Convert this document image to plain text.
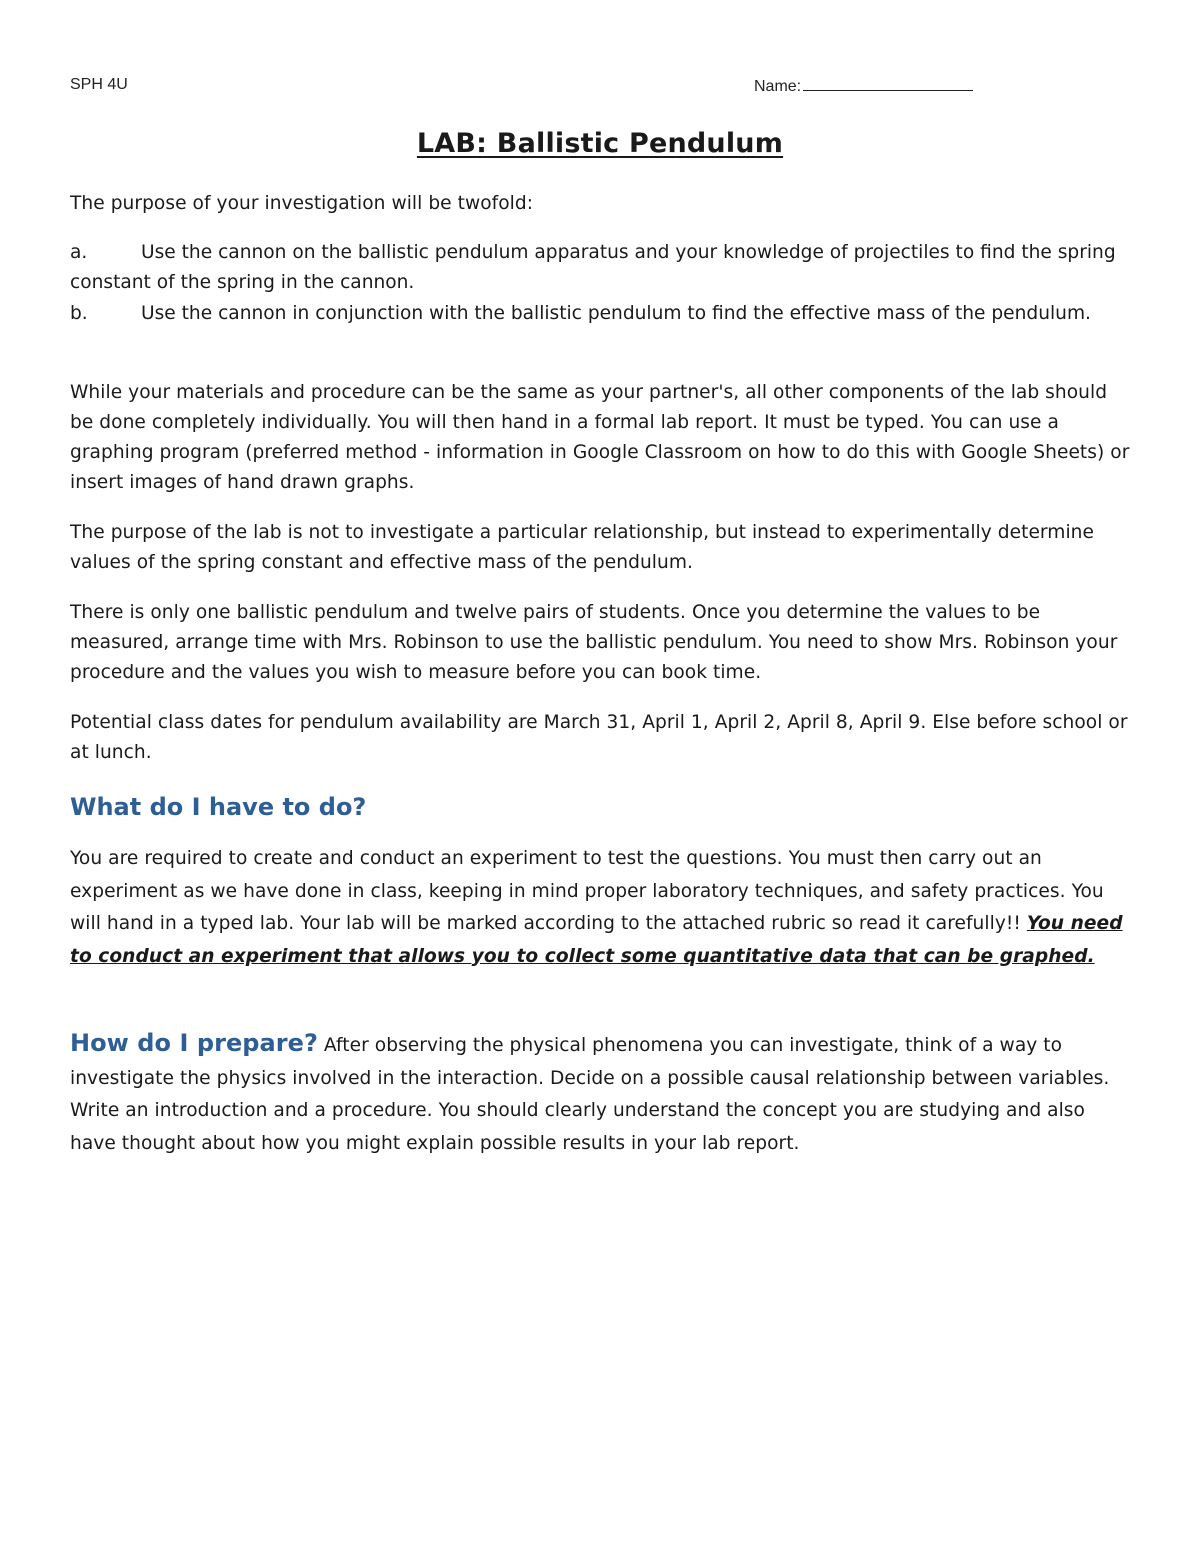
SPH 4U	Name:
LAB: Ballistic Pendulum

The purpose of your investigation will be twofold:

a.	Use the cannon on the ballistic pendulum apparatus and your knowledge of projectiles to find the spring constant of the spring in the cannon.

b.	Use the cannon in conjunction with the ballistic pendulum to find the effective mass of the pendulum.

While your materials and procedure can be the same as your partner's, all other components of the lab should be done completely individually. You will then hand in a formal lab report. It must be typed. You can use a graphing program (preferred method - information in Google Classroom on how to do this with Google Sheets) or insert images of hand drawn graphs.

The purpose of the lab is not to investigate a particular relationship, but instead to experimentally determine values of the spring constant and effective mass of the pendulum.

There is only one ballistic pendulum and twelve pairs of students. Once you determine the values to be measured, arrange time with Mrs. Robinson to use the ballistic pendulum. You need to show Mrs. Robinson your procedure and the values you wish to measure before you can book time.

Potential class dates for pendulum availability are March 31, April 1, April 2, April 8, April 9. Else before school or at lunch.

What do I have to do?

You are required to create and conduct an experiment to test the questions. You must then carry out an experiment as we have done in class, keeping in mind proper laboratory techniques, and safety practices. You will hand in a typed lab. Your lab will be marked according to the attached rubric so read it carefully!! You need to conduct an experiment that allows you to collect some quantitative data that can be graphed.

How do I prepare? After observing the physical phenomena you can investigate, think of a way to investigate the physics involved in the interaction. Decide on a possible causal relationship between variables. Write an introduction and a procedure. You should clearly understand the concept you are studying and also have thought about how you might explain possible results in your lab report.
